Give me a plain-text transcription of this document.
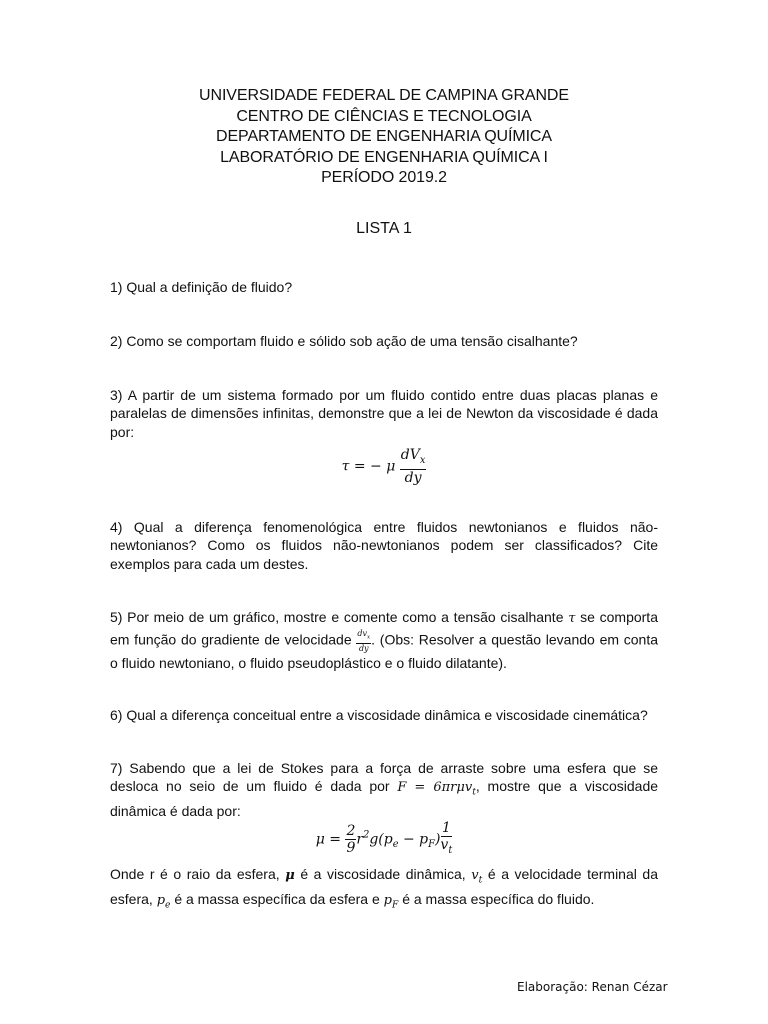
UNIVERSIDADE FEDERAL DE CAMPINA GRANDE
CENTRO DE CIÊNCIAS E TECNOLOGIA
DEPARTAMENTO DE ENGENHARIA QUÍMICA
LABORATÓRIO DE ENGENHARIA QUÍMICA I
PERÍODO 2019.2
LISTA 1
1) Qual a definição de fluido?
2) Como se comportam fluido e sólido sob ação de uma tensão cisalhante?
3) A partir de um sistema formado por um fluido contido entre duas placas planas e paralelas de dimensões infinitas, demonstre que a lei de Newton da viscosidade é dada por:
τ = − μ $\frac{dV_x}{dy}$
4) Qual a diferença fenomenológica entre fluidos newtonianos e fluidos não-newtonianos? Como os fluidos não-newtonianos podem ser classificados? Cite exemplos para cada um destes.
5) Por meio de um gráfico, mostre e comente como a tensão cisalhante τ se comporta em função do gradiente de velocidade $\frac{dv_x}{dy}$ . (Obs: Resolver a questão levando em conta o fluido newtoniano, o fluido pseudoplástico e o fluido dilatante).
6) Qual a diferença conceitual entre a viscosidade dinâmica e viscosidade cinemática?
7) Sabendo que a lei de Stokes para a força de arraste sobre uma esfera que se desloca no seio de um fluido é dada por F = 6πrμv$_t$, mostre que a viscosidade dinâmica é dada por:
$\mu = \frac{2}{9} r^2g(p_e - p_F) \frac{1}{v_t}$
Onde r é o raio da esfera, μ é a viscosidade dinâmica, $v_t$ é a velocidade terminal da esfera, $p_e$ é a massa específica da esfera e $p_F$ é a massa específica do fluido.
Elaboração: Renan Cézar
